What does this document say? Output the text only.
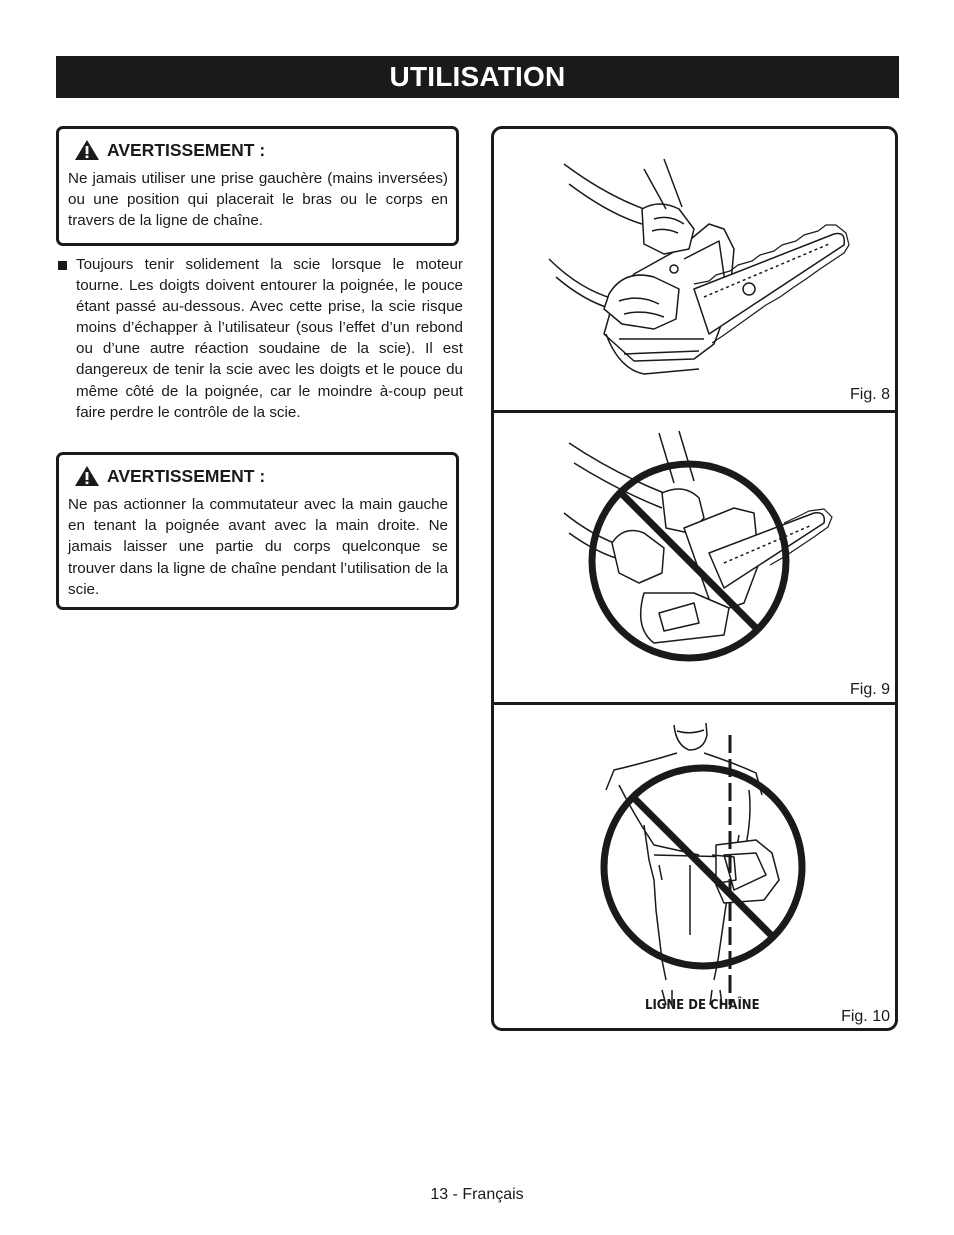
UTILISATION
AVERTISSEMENT :
Ne jamais utiliser une prise gauchère (mains inversées) ou une position qui placerait le bras ou le corps en travers de la ligne de chaîne.
Toujours tenir solidement la scie lorsque le moteur tourne. Les doigts doivent entourer la poignée, le pouce étant passé au-dessous. Avec cette prise, la scie risque moins d’échapper à l’utilisateur (sous l’effet d’un rebond ou d’une autre réaction soudaine de la scie). Il est dangereux de tenir la scie avec les doigts et le pouce du même côté de la poignée, car le moindre à-coup peut faire perdre le contrôle de la scie.
AVERTISSEMENT :
Ne pas actionner la commutateur avec la main gauche en tenant la poignée avant avec la main droite. Ne jamais laisser une partie du corps quelconque se trouver dans la ligne de chaîne pendant l’utilisation de la scie.
Fig. 8
Fig. 9
LIGNE DE CHAÎNE
Fig. 10
13 - Français
